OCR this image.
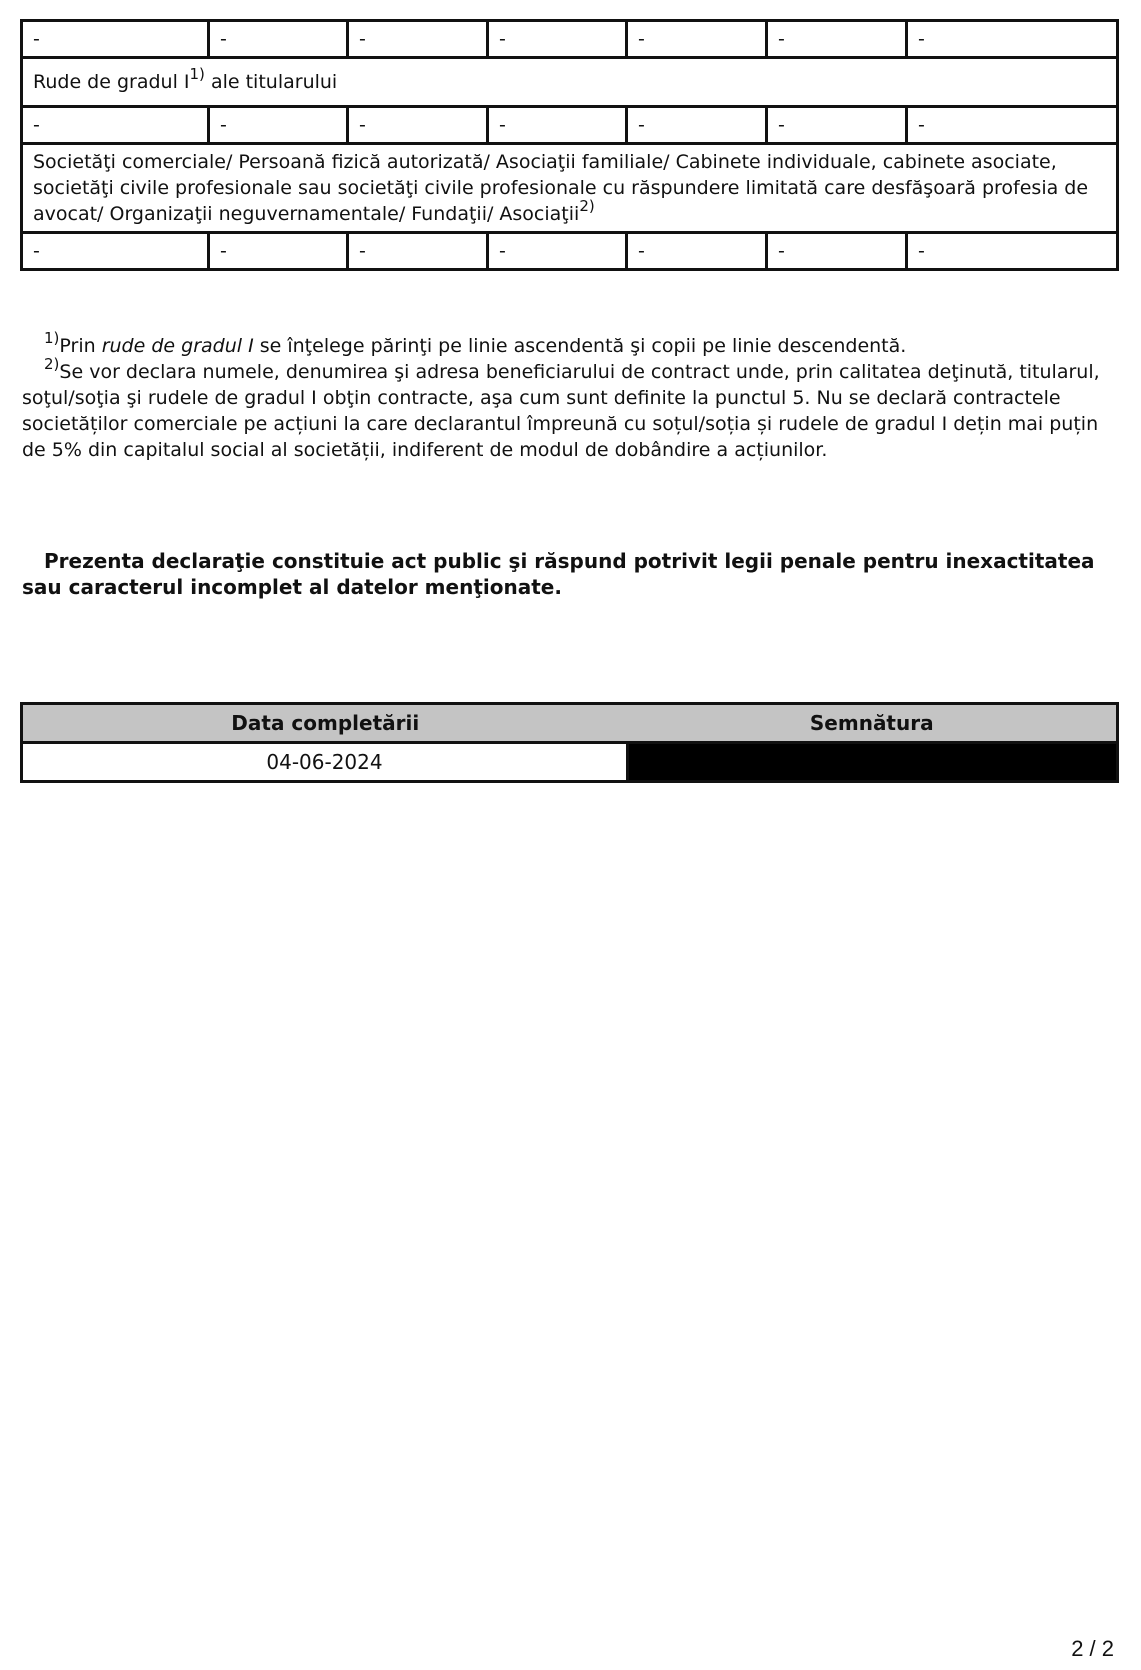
-	-	-	-	-	-	-
Rude de gradul I$^{1)}$ ale titularului						
-	-	-	-	-	-	-
Societăţi comerciale/ Persoană fizică autorizată/ Asociaţii familiale/ Cabinete individuale, cabinete asociate, societăţi civile profesionale sau societăţi civile profesionale cu răspundere limitată care desfăşoară profesia de avocat/ Organizaţii neguvernamentale/ Fundaţii/ Asociaţii$^{2)}$
-	-	-	-	-	-	-

$^{1)}$Prin rude de gradul I se înţelege părinţi pe linie ascendentă şi copii pe linie descendentă.

$^{2)}$Se vor declara numele, denumirea şi adresa beneficiarului de contract unde, prin calitatea deţinută, titularul, soţul/soţia şi rudele de gradul I obţin contracte, aşa cum sunt definite la punctul 5. Nu se declară contractele societăților comerciale pe acțiuni la care declarantul împreună cu soțul/soția și rudele de gradul I dețin mai puțin de 5% din capitalul social al societății, indiferent de modul de dobândire a acțiunilor.

Prezenta declaraţie constituie act public şi răspund potrivit legii penale pentru inexactitatea sau caracterul incomplet al datelor menţionate.
Data completării	Semnătura
04-06-2024	
2 / 2
